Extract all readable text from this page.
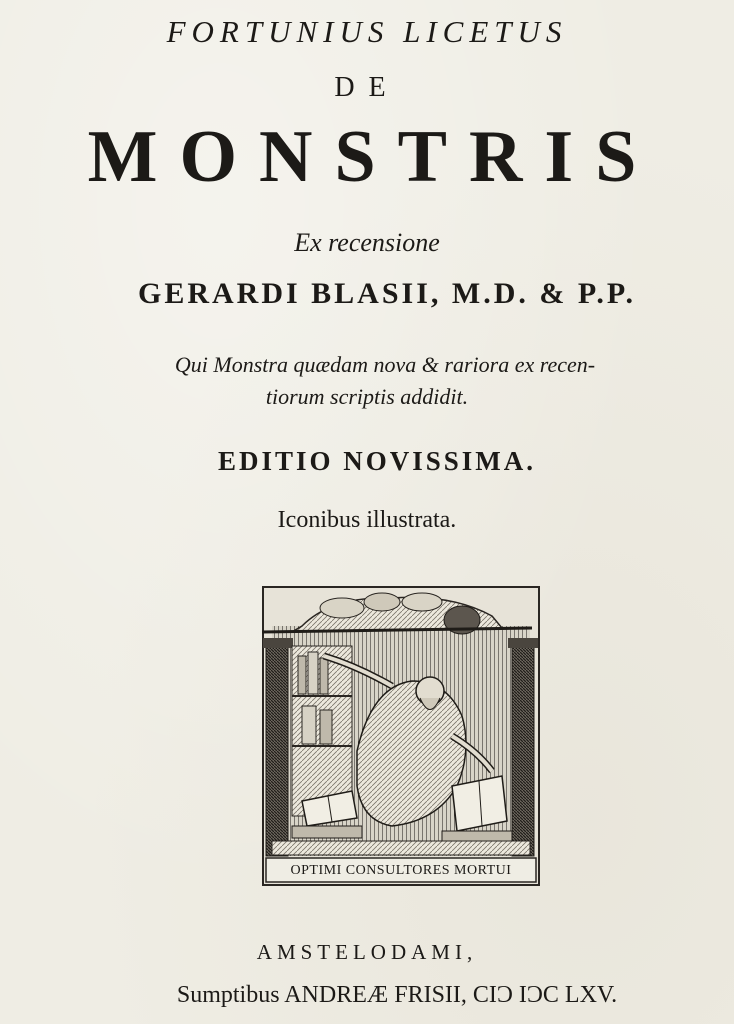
FORTUNIUS LICETUS
DE
MONSTRIS
Ex recensione
GERARDI BLASII, M.D. & P.P.
Qui Monstra quædam nova & rariora ex recen-
tiorum scriptis addidit.
EDITIO NOVISSIMA.
Iconibus illustrata.
OPTIMI CONSULTORES MORTUI
AMSTELODAMI,
Sumptibus ANDREÆ FRISII, CIƆ IƆC LXV.
